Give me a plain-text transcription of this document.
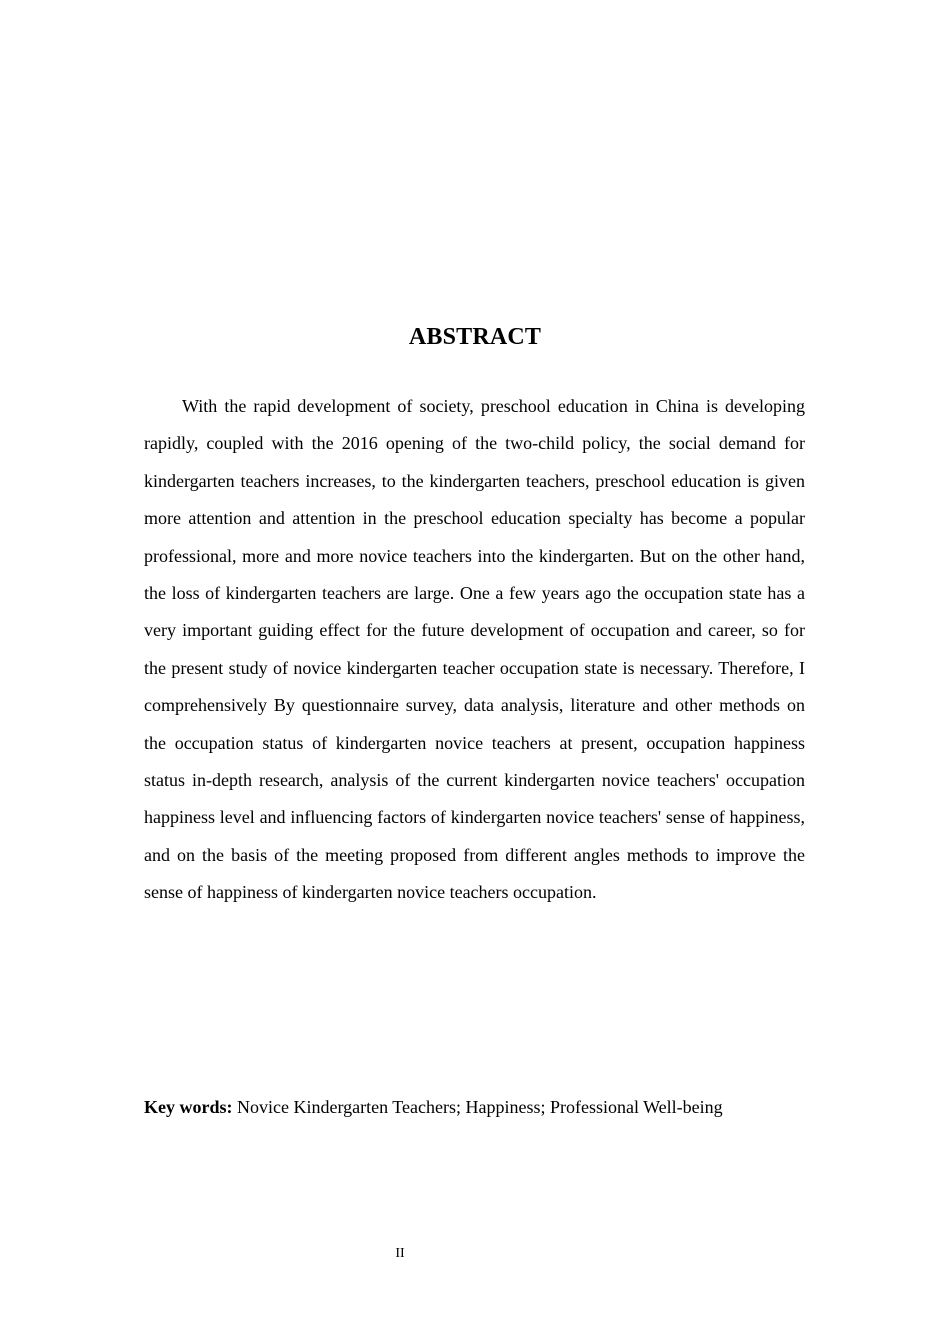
ABSTRACT

With the rapid development of society, preschool education in China is developing rapidly, coupled with the 2016 opening of the two-child policy, the social demand for kindergarten teachers increases, to the kindergarten teachers, preschool education is given more attention and attention in the preschool education specialty has become a popular professional, more and more novice teachers into the kindergarten. But on the other hand, the loss of kindergarten teachers are large. One a few years ago the occupation state has a very important guiding effect for the future development of occupation and career, so for the present study of novice kindergarten teacher occupation state is necessary. Therefore, I comprehensively By questionnaire survey, data analysis, literature and other methods on the occupation status of kindergarten novice teachers at present, occupation happiness status in-depth research, analysis of the current kindergarten novice teachers' occupation happiness level and influencing factors of kindergarten novice teachers' sense of happiness, and on the basis of the meeting proposed from different angles methods to improve the sense of happiness of kindergarten novice teachers occupation.

Key words: Novice Kindergarten Teachers; Happiness; Professional Well-being

II
